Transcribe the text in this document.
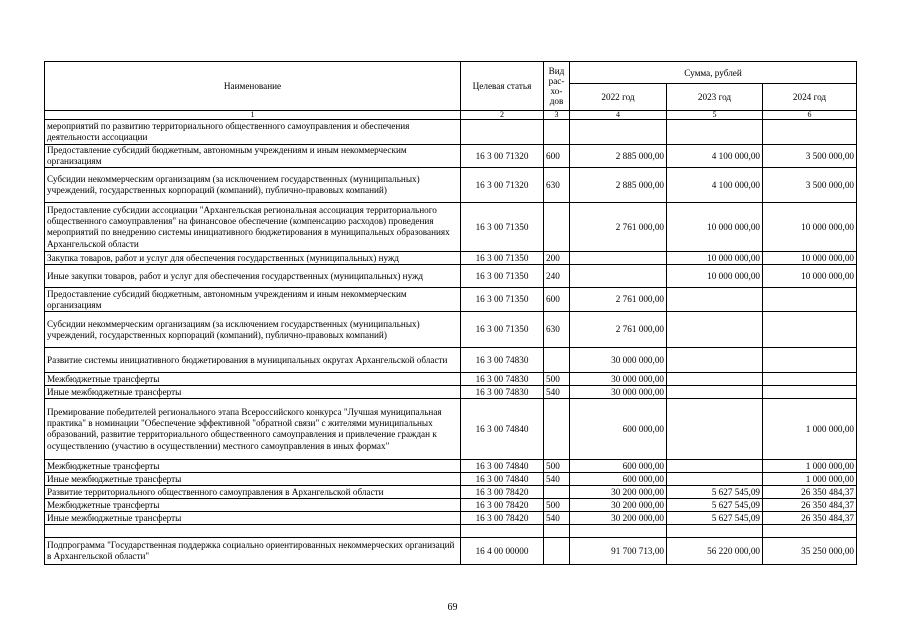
Наименование	Целевая статья	Вид
рас-
хо-
дов	Сумма, рублей		
			2022 год	2023 год	2024 год
1	2	3	4	5	6
мероприятий по развитию территориального общественного самоуправления и обеспечения деятельности ассоциации					
Предоставление субсидий бюджетным, автономным учреждениям и иным некоммерческим организациям	16 3 00 71320	600	2 885 000,00	4 100 000,00	3 500 000,00
Субсидии некоммерческим организациям (за исключением государственных (муниципальных) учреждений, государственных корпораций (компаний), публично-правовых компаний)	16 3 00 71320	630	2 885 000,00	4 100 000,00	3 500 000,00
Предоставление субсидии ассоциации "Архангельская региональная ассоциация территориального общественного самоуправления" на финансовое обеспечение (компенсацию расходов) проведения мероприятий по внедрению системы инициативного бюджетирования в муниципальных образованиях Архангельской области	16 3 00 71350		2 761 000,00	10 000 000,00	10 000 000,00

Закупка товаров, работ и услуг для обеспечения государственных (муниципальных) нужд	16 3 00 71350	200		10 000 000,00	10 000 000,00
Иные закупки товаров, работ и услуг для обеспечения государственных (муниципальных) нужд	16 3 00 71350	240		10 000 000,00	10 000 000,00
Предоставление субсидий бюджетным, автономным учреждениям и иным некоммерческим организациям	16 3 00 71350	600	2 761 000,00		
Субсидии некоммерческим организациям (за исключением государственных (муниципальных) учреждений, государственных корпораций (компаний), публично-правовых компаний)	16 3 00 71350	630	2 761 000,00		
Развитие системы инициативного бюджетирования в муниципальных округах Архангельской области	16 3 00 74830		30 000 000,00		
Межбюджетные трансферты	16 3 00 74830	500	30 000 000,00		
Иные межбюджетные трансферты	16 3 00 74830	540	30 000 000,00		
Премирование победителей регионального этапа Всероссийского конкурса "Лучшая муниципальная практика" в номинации "Обеспечение эффективной "обратной связи" с жителями муниципальных образований, развитие территориального общественного самоуправления и привлечение граждан к осуществлению (участию в осуществлении) местного самоуправления в иных формах"	16 3 00 74840		600 000,00		1 000 000,00
Межбюджетные трансферты	16 3 00 74840	500	600 000,00		1 000 000,00
Иные межбюджетные трансферты	16 3 00 74840	540	600 000,00		1 000 000,00
Развитие территориального общественного самоуправления в Архангельской области	16 3 00 78420		30 200 000,00	5 627 545,09	26 350 484,37
Межбюджетные трансферты	16 3 00 78420	500	30 200 000,00	5 627 545,09	26 350 484,37
Иные межбюджетные трансферты	16 3 00 78420	540	30 200 000,00	5 627 545,09	26 350 484,37

Подпрограмма "Государственная поддержка социально ориентированных некоммерческих организаций в Архангельской области"	16 4 00 00000		91 700 713,00	56 220 000,00	35 250 000,00
69
